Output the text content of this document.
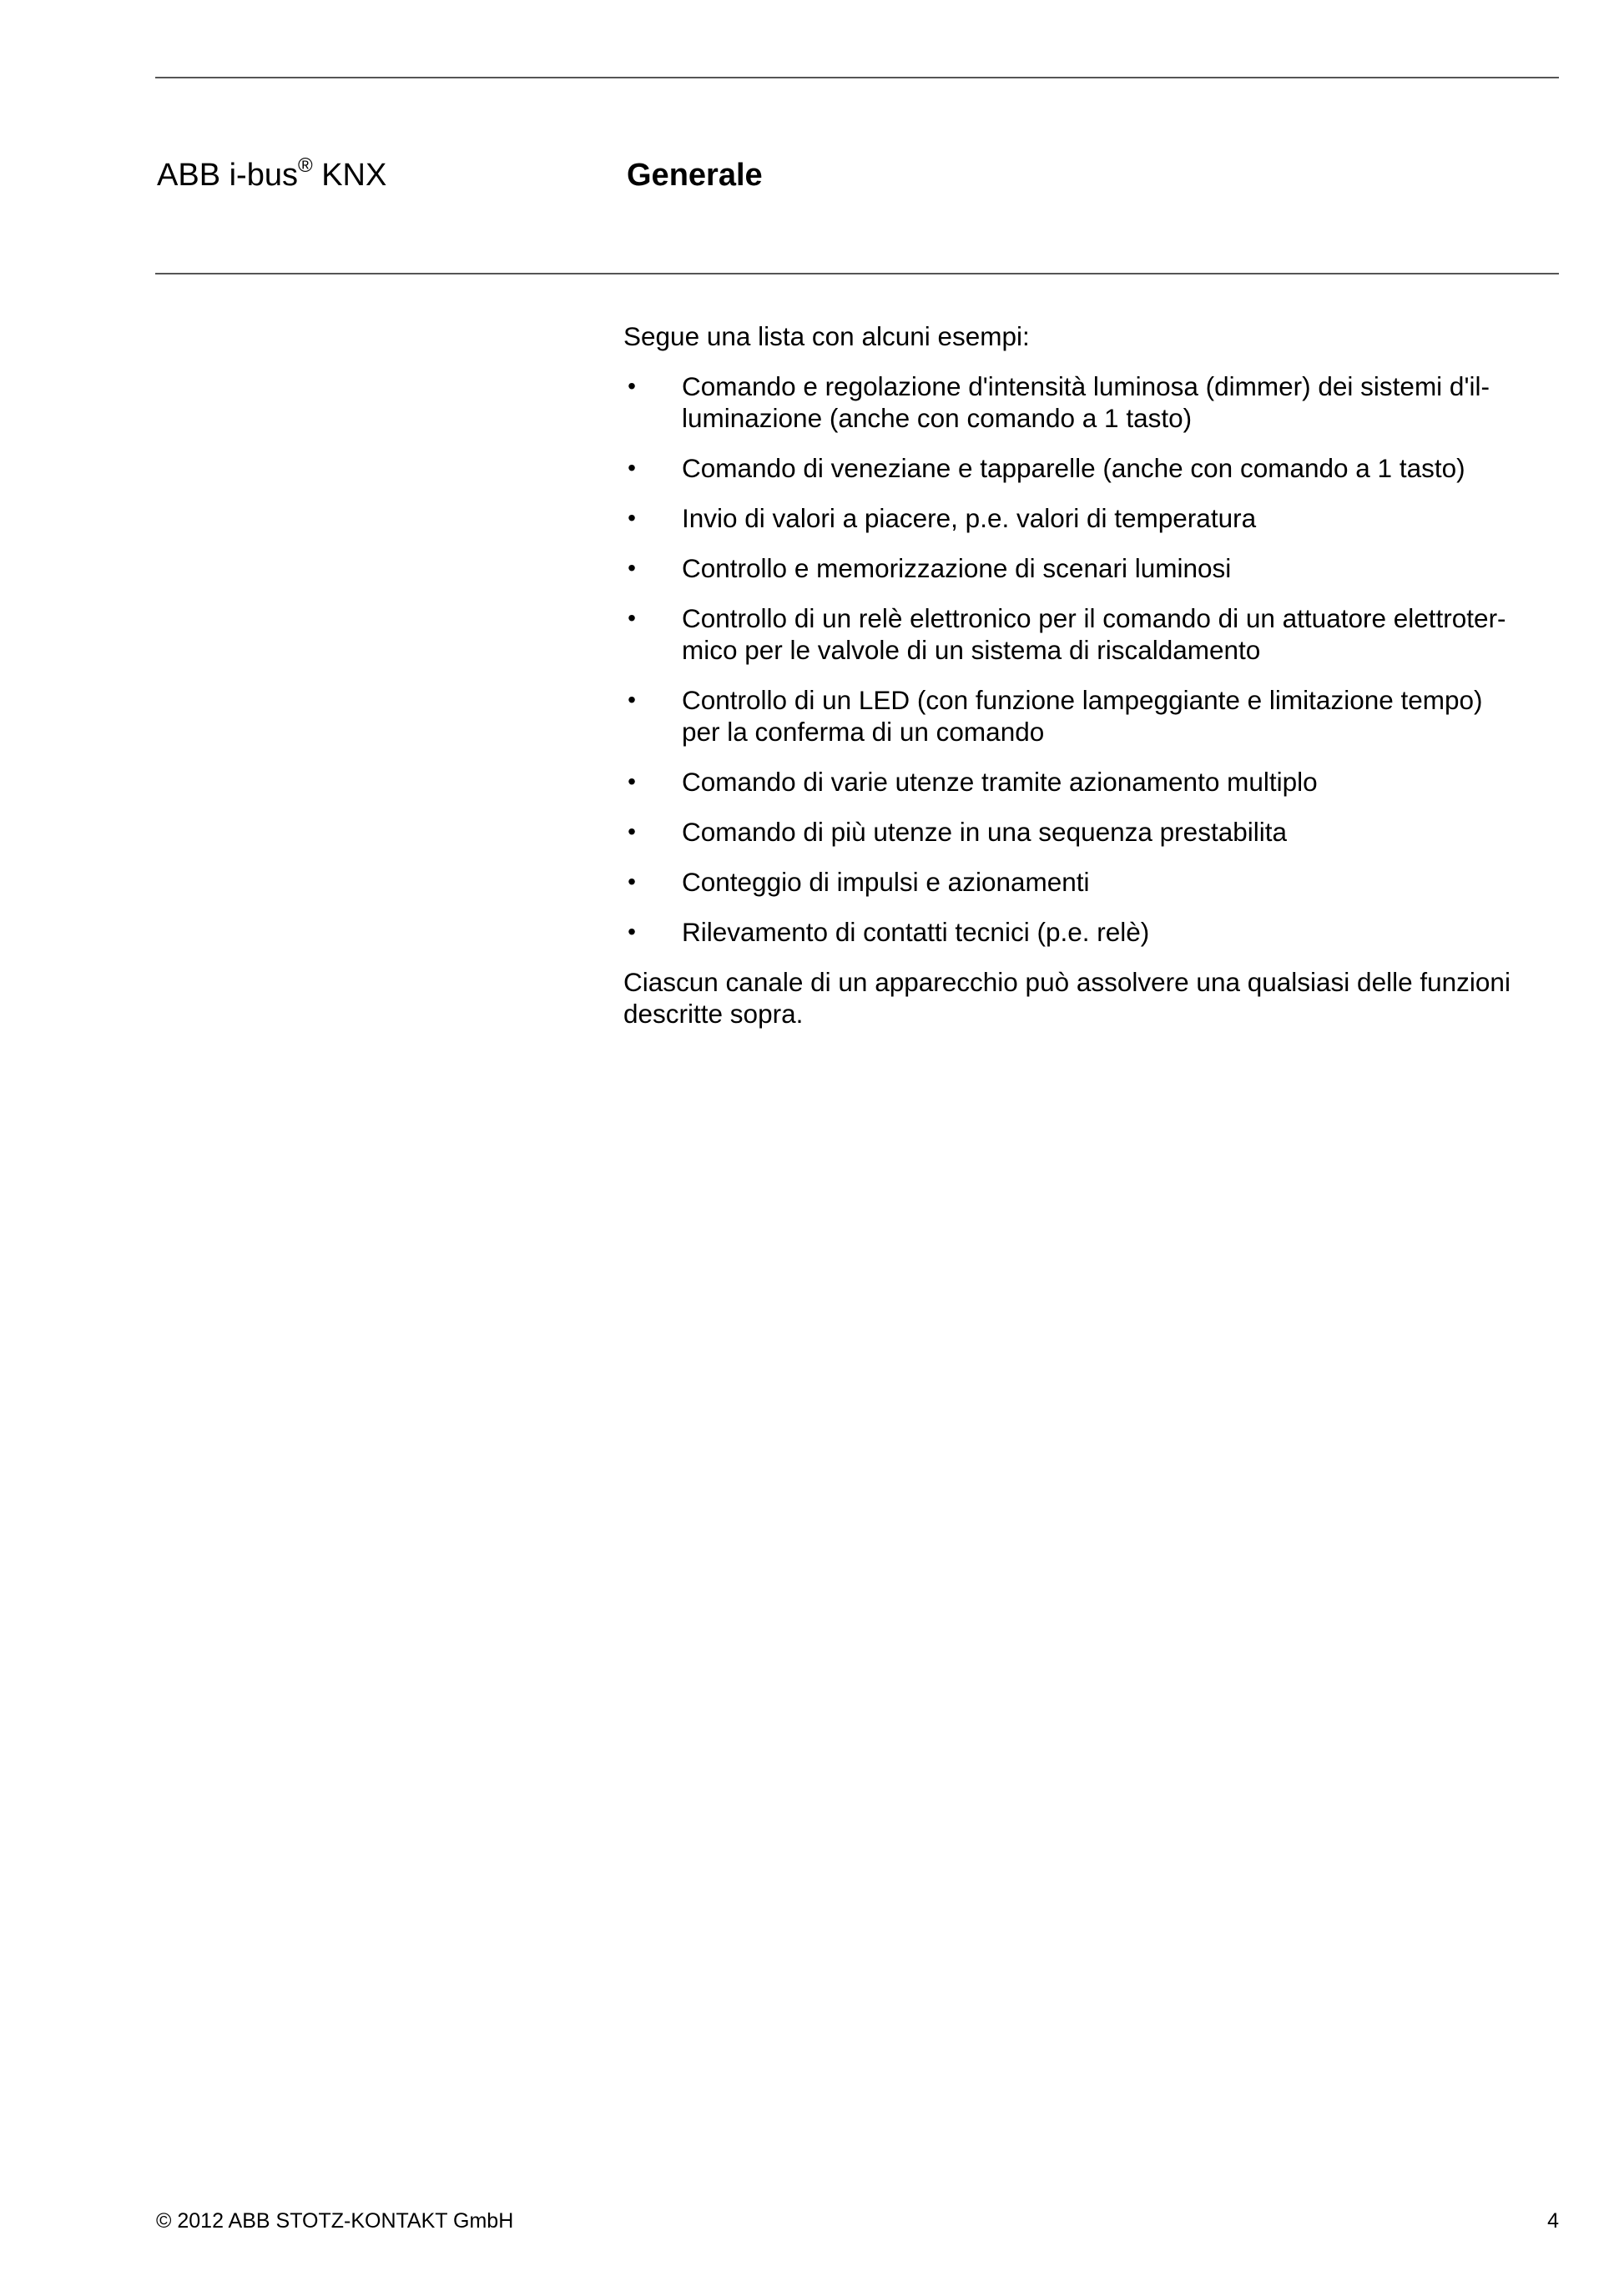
ABB i-bus® KNX	Generale

Segue una lista con alcuni esempi:

• Comando e regolazione d'intensità luminosa (dimmer) dei sistemi d'il-
luminazione (anche con comando a 1 tasto)
• Comando di veneziane e tapparelle (anche con comando a 1 tasto)
• Invio di valori a piacere, p.e. valori di temperatura
• Controllo e memorizzazione di scenari luminosi
• Controllo di un relè elettronico per il comando di un attuatore elettroter-
mico per le valvole di un sistema di riscaldamento
• Controllo di un LED (con funzione lampeggiante e limitazione tempo)
per la conferma di un comando
• Comando di varie utenze tramite azionamento multiplo
• Comando di più utenze in una sequenza prestabilita
• Conteggio di impulsi e azionamenti
• Rilevamento di contatti tecnici (p.e. relè)

Ciascun canale di un apparecchio può assolvere una qualsiasi delle funzioni
descritte sopra.

© 2012 ABB STOTZ-KONTAKT GmbH	4
